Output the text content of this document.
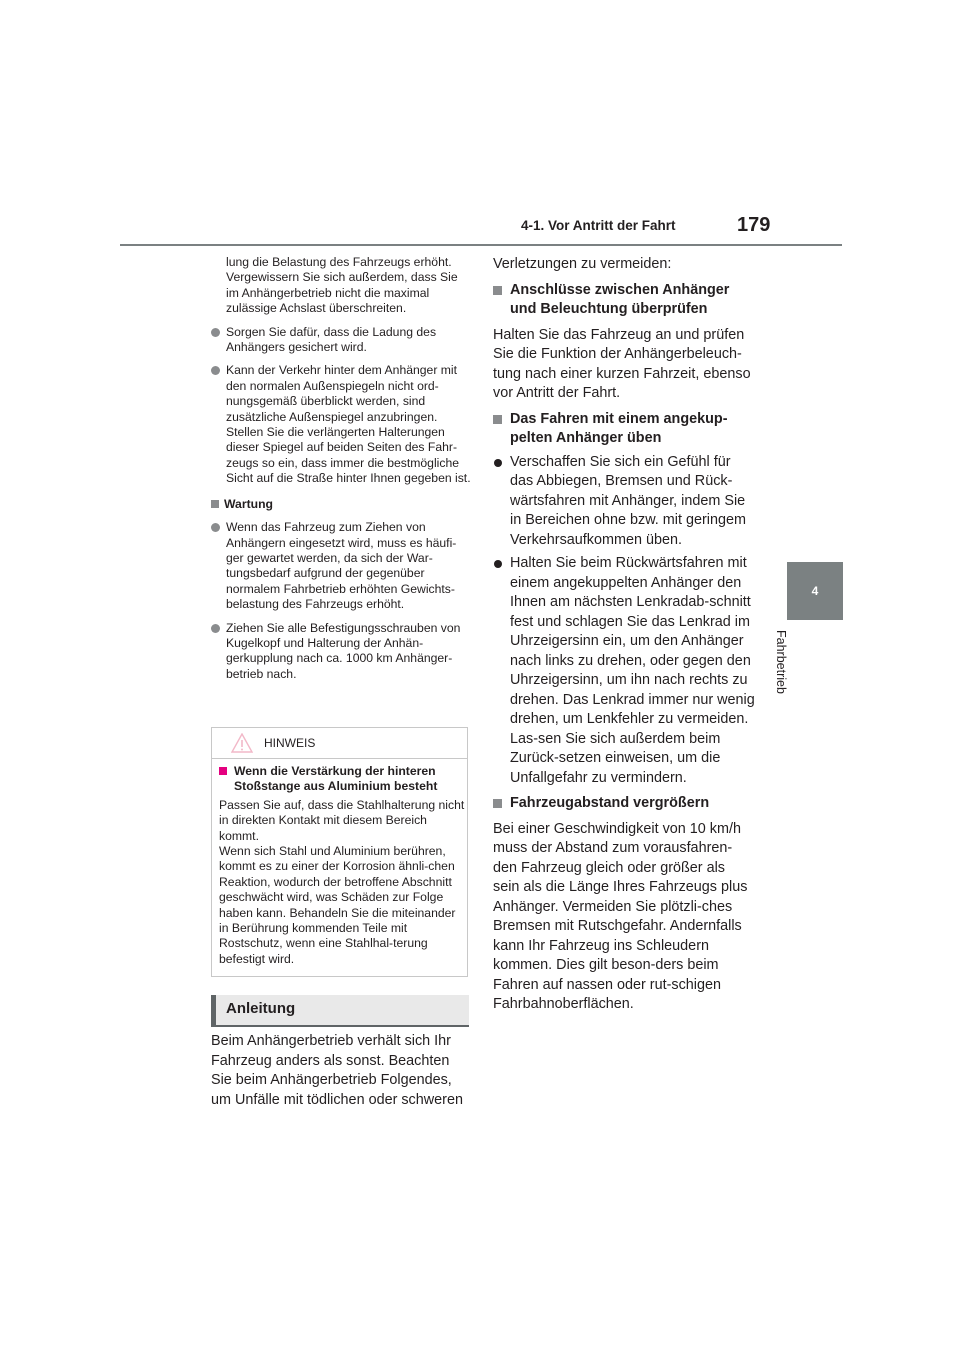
4-1. Vor Antritt der Fahrt	179
4
Fahrbetrieb

lung die Belastung des Fahrzeugs erhöht. Vergewissern Sie sich außerdem, dass Sie im Anhängerbetrieb nicht die maximal zulässige Achslast überschreiten.

Sorgen Sie dafür, dass die Ladung des Anhängers gesichert wird.

Kann der Verkehr hinter dem Anhänger mit den normalen Außenspiegeln nicht ord-nungsgemäß überblickt werden, sind zusätzliche Außenspiegel anzubringen. Stellen Sie die verlängerten Halterungen dieser Spiegel auf beiden Seiten des Fahr-zeugs so ein, dass immer die bestmögliche Sicht auf die Straße hinter Ihnen gegeben ist.

Wartung

Wenn das Fahrzeug zum Ziehen von Anhängern eingesetzt wird, muss es häufi-ger gewartet werden, da sich der War-tungsbedarf aufgrund der gegenüber normalem Fahrbetrieb erhöhten Gewichts-belastung des Fahrzeugs erhöht.

Ziehen Sie alle Befestigungsschrauben von Kugelkopf und Halterung der Anhän-gerkupplung nach ca. 1000 km Anhänger-betrieb nach.

HINWEIS

Wenn die Verstärkung der hinteren Stoßstange aus Aluminium besteht

Passen Sie auf, dass die Stahlhalterung nicht in direkten Kontakt mit diesem Bereich kommt.

Wenn sich Stahl und Aluminium berühren, kommt es zu einer der Korrosion ähnli-chen Reaktion, wodurch der betroffene Abschnitt geschwächt wird, was Schäden zur Folge haben kann. Behandeln Sie die miteinander in Berührung kommenden Teile mit Rostschutz, wenn eine Stahlhal-terung befestigt wird.

Anleitung

Beim Anhängerbetrieb verhält sich Ihr Fahrzeug anders als sonst. Beachten Sie beim Anhängerbetrieb Folgendes, um Unfälle mit tödlichen oder schweren

Verletzungen zu vermeiden:

Anschlüsse zwischen Anhänger und Beleuchtung überprüfen

Halten Sie das Fahrzeug an und prüfen Sie die Funktion der Anhängerbeleuch-tung nach einer kurzen Fahrzeit, ebenso vor Antritt der Fahrt.

Das Fahren mit einem angekup-pelten Anhänger üben

Verschaffen Sie sich ein Gefühl für das Abbiegen, Bremsen und Rück-wärtsfahren mit Anhänger, indem Sie in Bereichen ohne bzw. mit geringem Verkehrsaufkommen üben.

Halten Sie beim Rückwärtsfahren mit einem angekuppelten Anhänger den Ihnen am nächsten Lenkradab-schnitt fest und schlagen Sie das Lenkrad im Uhrzeigersinn ein, um den Anhänger nach links zu drehen, oder gegen den Uhrzeigersinn, um ihn nach rechts zu drehen. Das Lenkrad immer nur wenig drehen, um Lenkfehler zu vermeiden. Las-sen Sie sich außerdem beim Zurück-setzen einweisen, um die Unfallgefahr zu vermindern.

Fahrzeugabstand vergrößern

Bei einer Geschwindigkeit von 10 km/h muss der Abstand zum vorausfahren-den Fahrzeug gleich oder größer als sein als die Länge Ihres Fahrzeugs plus Anhänger. Vermeiden Sie plötzli-ches Bremsen mit Rutschgefahr. Andernfalls kann Ihr Fahrzeug ins Schleudern kommen. Dies gilt beson-ders beim Fahren auf nassen oder rut-schigen Fahrbahnoberflächen.
